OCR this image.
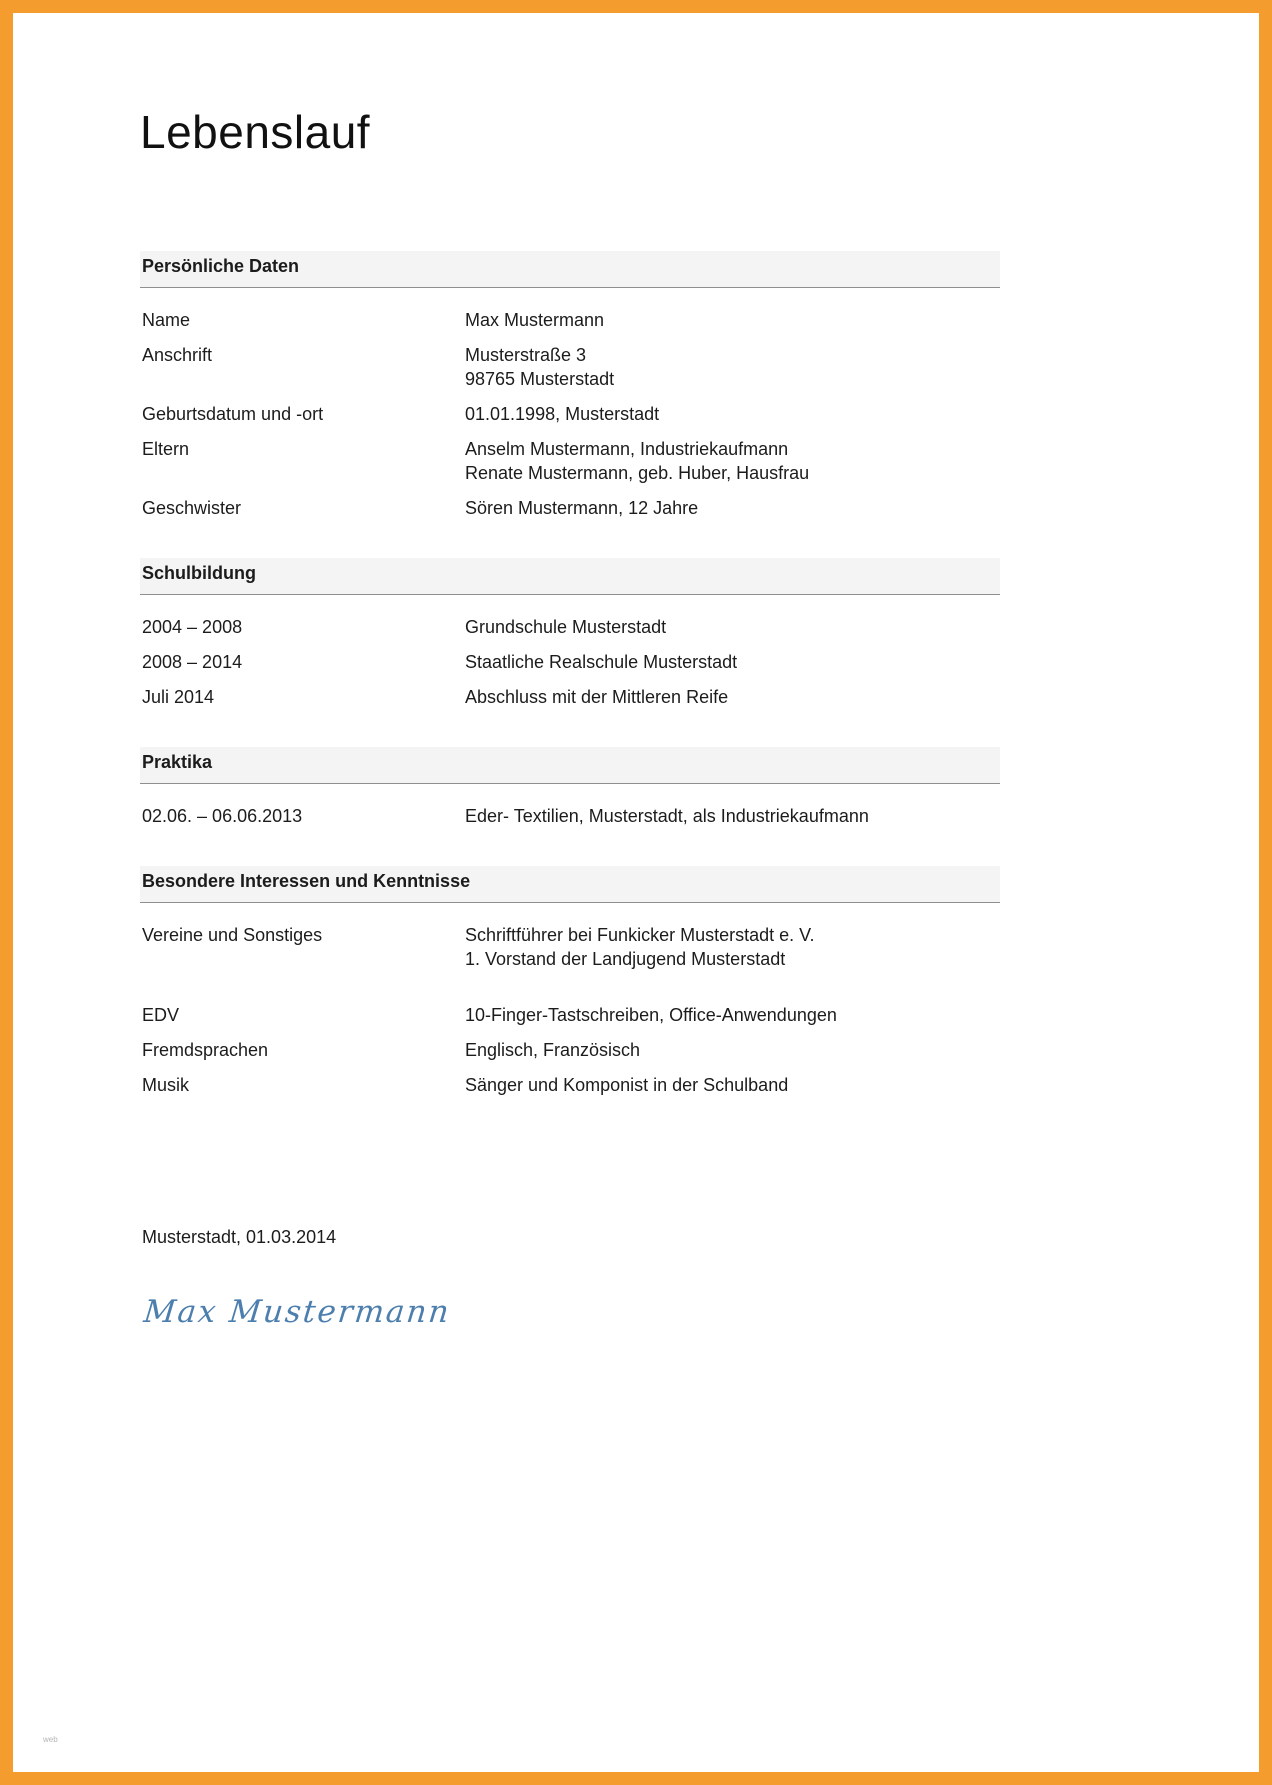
Lebenslauf
Persönliche Daten
Name	Max Mustermann
Anschrift	Musterstraße 3
98765 Musterstadt
Geburtsdatum und -ort	01.01.1998, Musterstadt
Eltern	Anselm Mustermann, Industriekaufmann
Renate Mustermann, geb. Huber, Hausfrau
Geschwister	Sören Mustermann, 12 Jahre
Schulbildung
2004 – 2008	Grundschule Musterstadt
2008 – 2014	Staatliche Realschule Musterstadt
Juli 2014	Abschluss mit der Mittleren Reife
Praktika
02.06. – 06.06.2013	Eder- Textilien, Musterstadt, als Industriekaufmann
Besondere Interessen und Kenntnisse
Vereine und Sonstiges	Schriftführer bei Funkicker Musterstadt e. V.
1. Vorstand der Landjugend Musterstadt
EDV	10-Finger-Tastschreiben, Office-Anwendungen
Fremdsprachen	Englisch, Französisch
Musik	Sänger und Komponist in der Schulband
Musterstadt, 01.03.2014
Max Mustermann
web
